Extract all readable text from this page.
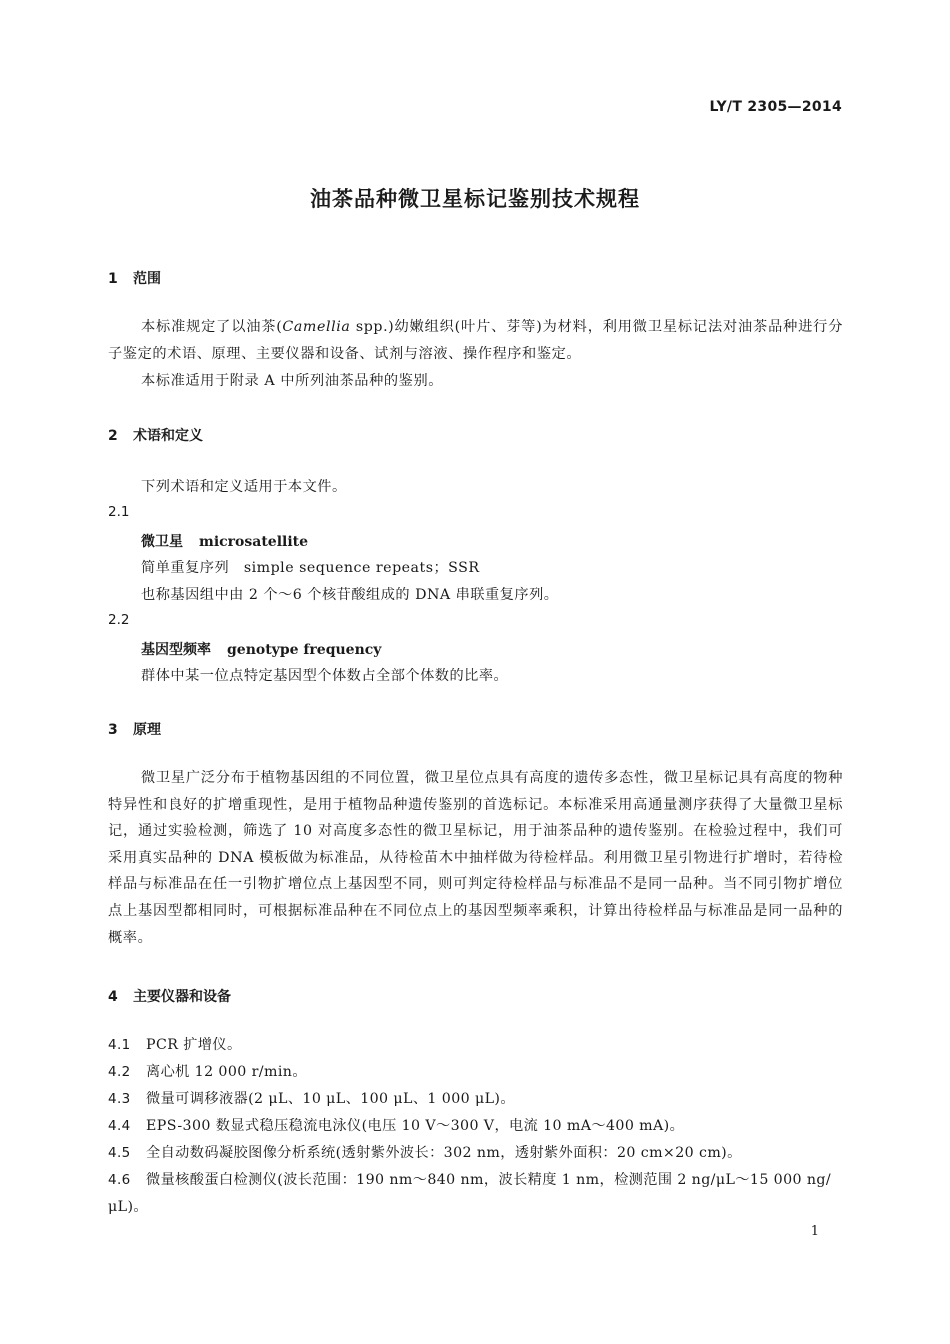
LY/T 2305—2014
油茶品种微卫星标记鉴别技术规程
1 范围
本标准规定了以油茶(Camellia spp.)幼嫩组织(叶片、芽等)为材料，利用微卫星标记法对油茶品种进行分子鉴定的术语、原理、主要仪器和设备、试剂与溶液、操作程序和鉴定。
本标准适用于附录 A 中所列油茶品种的鉴别。
2 术语和定义
下列术语和定义适用于本文件。
2.1
微卫星 microsatellite
简单重复序列　simple sequence repeats；SSR
也称基因组中由 2 个～6 个核苷酸组成的 DNA 串联重复序列。
2.2
基因型频率 genotype frequency
群体中某一位点特定基因型个体数占全部个体数的比率。
3 原理
微卫星广泛分布于植物基因组的不同位置，微卫星位点具有高度的遗传多态性，微卫星标记具有高度的物种特异性和良好的扩增重现性，是用于植物品种遗传鉴别的首选标记。本标准采用高通量测序获得了大量微卫星标记，通过实验检测，筛选了 10 对高度多态性的微卫星标记，用于油茶品种的遗传鉴别。在检验过程中，我们可采用真实品种的 DNA 模板做为标准品，从待检苗木中抽样做为待检样品。利用微卫星引物进行扩增时，若待检样品与标准品在任一引物扩增位点上基因型不同，则可判定待检样品与标准品不是同一品种。当不同引物扩增位点上基因型都相同时，可根据标准品种在不同位点上的基因型频率乘积，计算出待检样品与标准品是同一品种的概率。
4 主要仪器和设备
4.1 PCR 扩增仪。
4.2 离心机 12 000 r/min。
4.3 微量可调移液器(2 μL、10 μL、100 μL、1 000 μL)。
4.4 EPS-300 数显式稳压稳流电泳仪(电压 10 V～300 V，电流 10 mA～400 mA)。
4.5 全自动数码凝胶图像分析系统(透射紫外波长：302 nm，透射紫外面积：20 cm×20 cm)。
4.6 微量核酸蛋白检测仪(波长范围：190 nm～840 nm，波长精度 1 nm，检测范围 2 ng/μL～15 000 ng/μL)。
1
